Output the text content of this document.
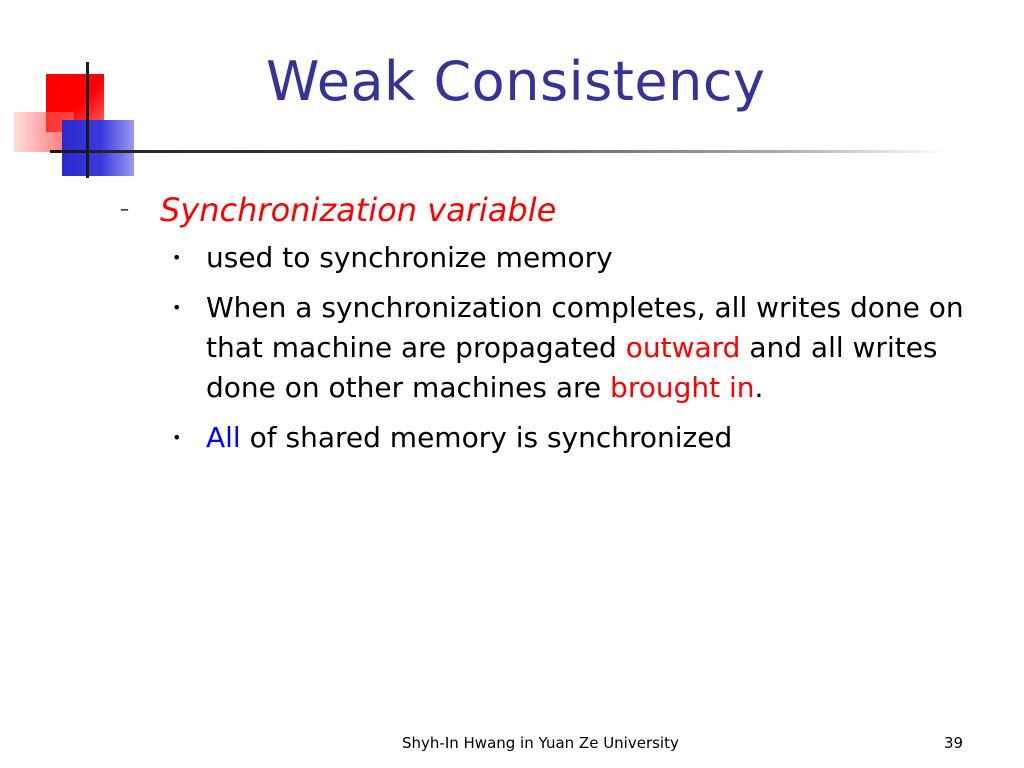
Weak Consistency
– Synchronization variable
• used to synchronize memory
• When a synchronization completes, all writes done on that machine are propagated outward and all writes done on other machines are brought in.
• All of shared memory is synchronized
Shyh-In Hwang in Yuan Ze University	39
